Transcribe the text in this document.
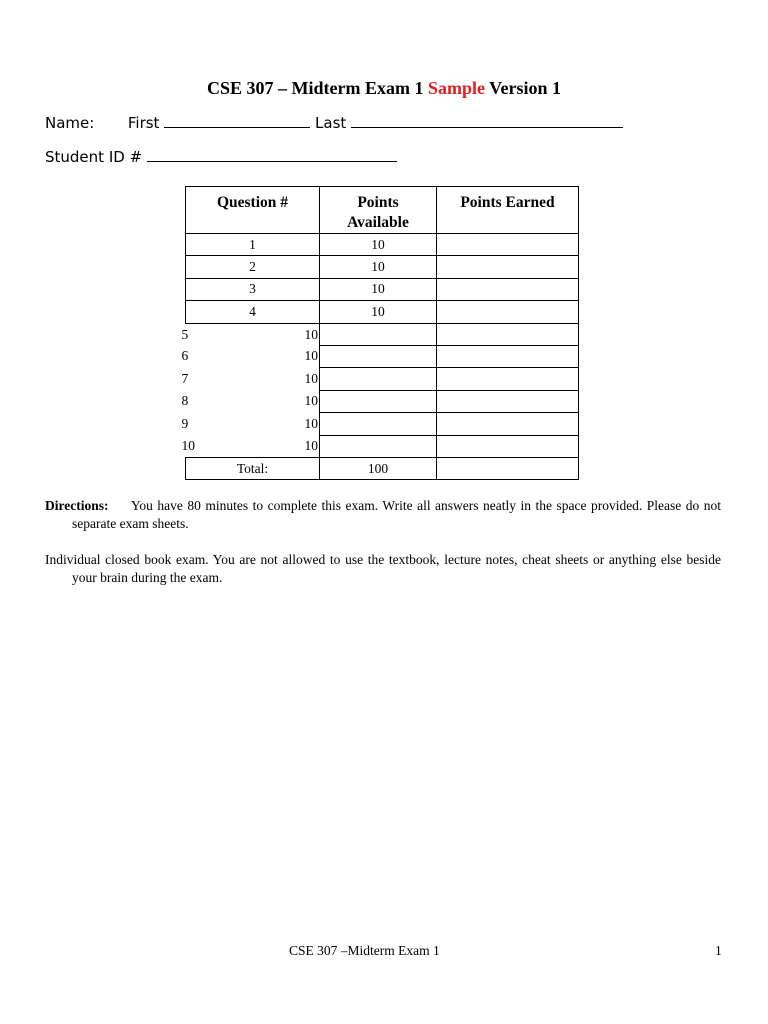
CSE 307 – Midterm Exam 1 Sample Version 1
Name: First	Last
Student ID #
Question #	Points Available	Points Earned
1	10	
2	10	
3	10	
4	10	

5 10		

6 10		

7 10		

8 10		

9 10		

10 10		

Total:	100	
Directions: You have 80 minutes to complete this exam. Write all answers neatly in the space provided. Please do not separate exam sheets.
Individual closed book exam. You are not allowed to use the textbook, lecture notes, cheat sheets or anything else beside your brain during the exam.
CSE 307 –Midterm Exam 1	1
